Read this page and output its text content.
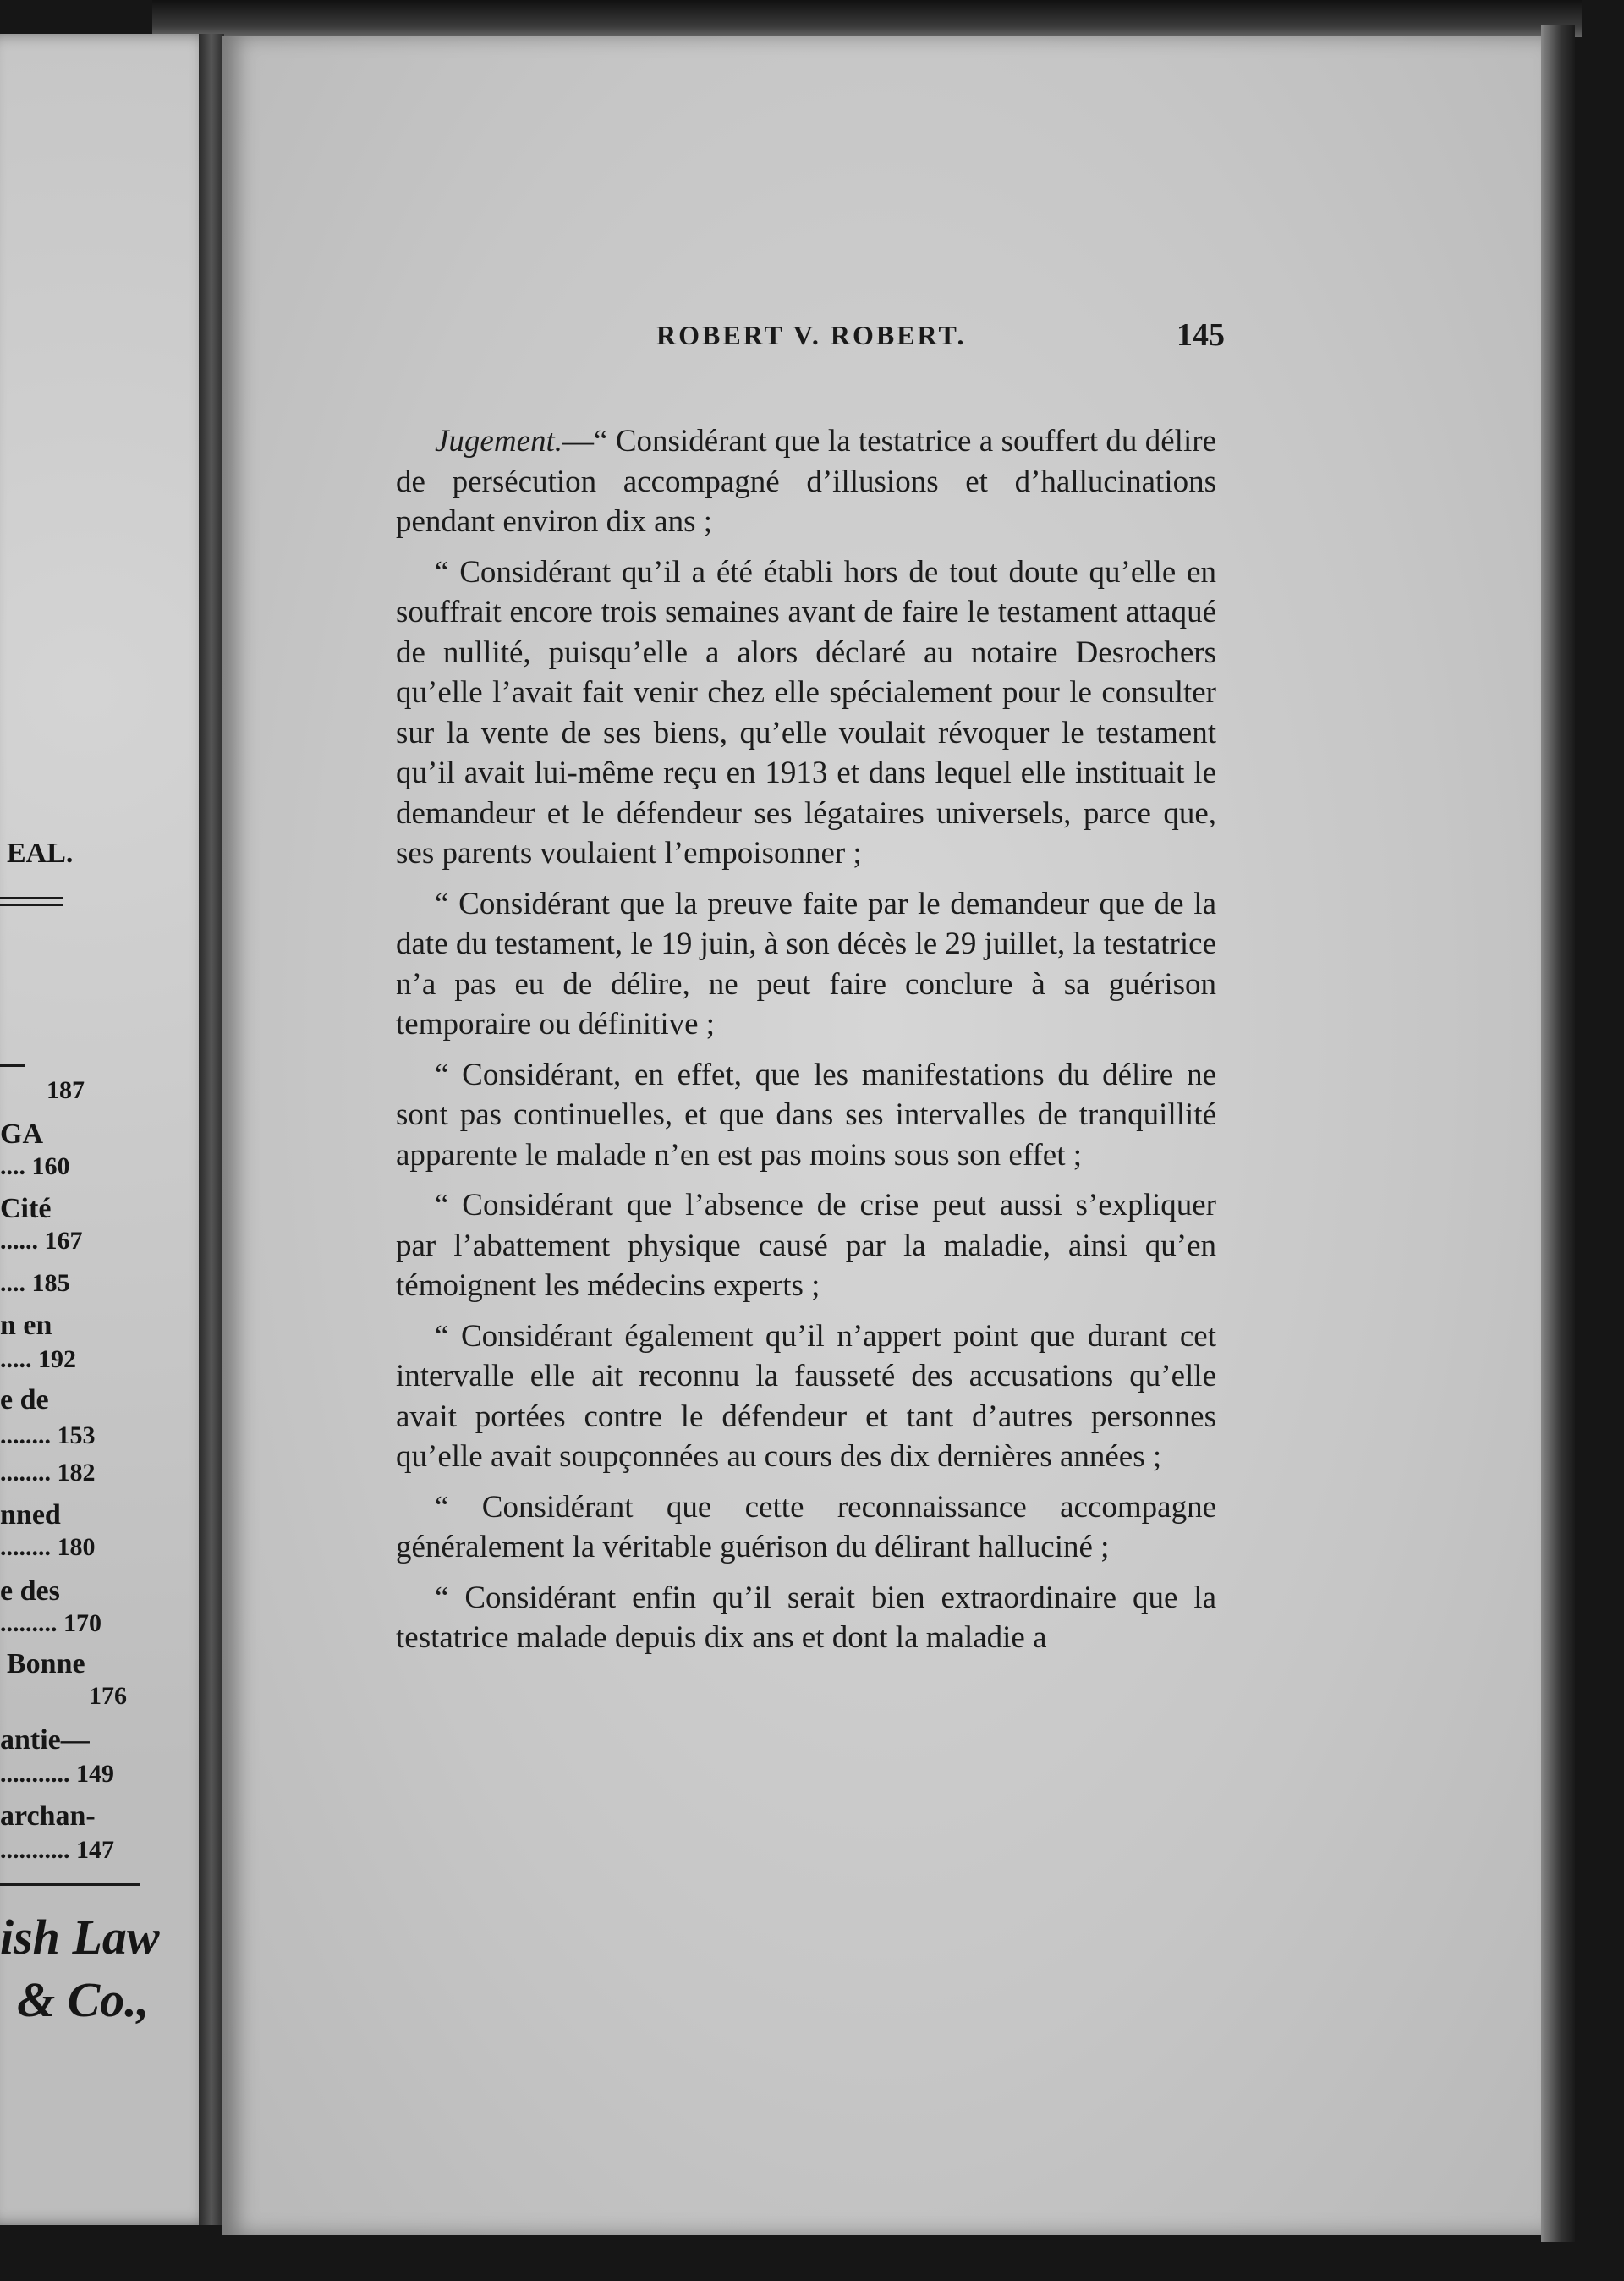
EAL.
187
GA
.... 160
Cité
...... 167
.... 185
n en
..... 192
e de
........ 153
........ 182
nned
........ 180
e des
......... 170
Bonne
176
antie—
........... 149
archan-
........... 147
ish Law
& Co.,
ROBERT V. ROBERT.	145

Jugement.—“ Considérant que la testatrice a souffert du délire de persécution accompagné d’illusions et d’hallucinations pendant environ dix ans ;

“ Considérant qu’il a été établi hors de tout doute qu’elle en souffrait encore trois semaines avant de faire le testament attaqué de nullité, puisqu’elle a alors déclaré au notaire Desrochers qu’elle l’avait fait venir chez elle spécialement pour le consulter sur la vente de ses biens, qu’elle voulait révoquer le testament qu’il avait lui-même reçu en 1913 et dans lequel elle instituait le demandeur et le défendeur ses légataires universels, parce que, ses parents voulaient l’empoisonner ;

“ Considérant que la preuve faite par le demandeur que de la date du testament, le 19 juin, à son décès le 29 juillet, la testatrice n’a pas eu de délire, ne peut faire conclure à sa guérison temporaire ou définitive ;

“ Considérant, en effet, que les manifestations du délire ne sont pas continuelles, et que dans ses intervalles de tranquillité apparente le malade n’en est pas moins sous son effet ;

“ Considérant que l’absence de crise peut aussi s’expliquer par l’abattement physique causé par la maladie, ainsi qu’en témoignent les médecins experts ;

“ Considérant également qu’il n’appert point que durant cet intervalle elle ait reconnu la fausseté des accusations qu’elle avait portées contre le défendeur et tant d’autres personnes qu’elle avait soupçonnées au cours des dix dernières années ;

“ Considérant que cette reconnaissance accompagne généralement la véritable guérison du délirant halluciné ;

“ Considérant enfin qu’il serait bien extraordinaire que la testatrice malade depuis dix ans et dont la maladie a
